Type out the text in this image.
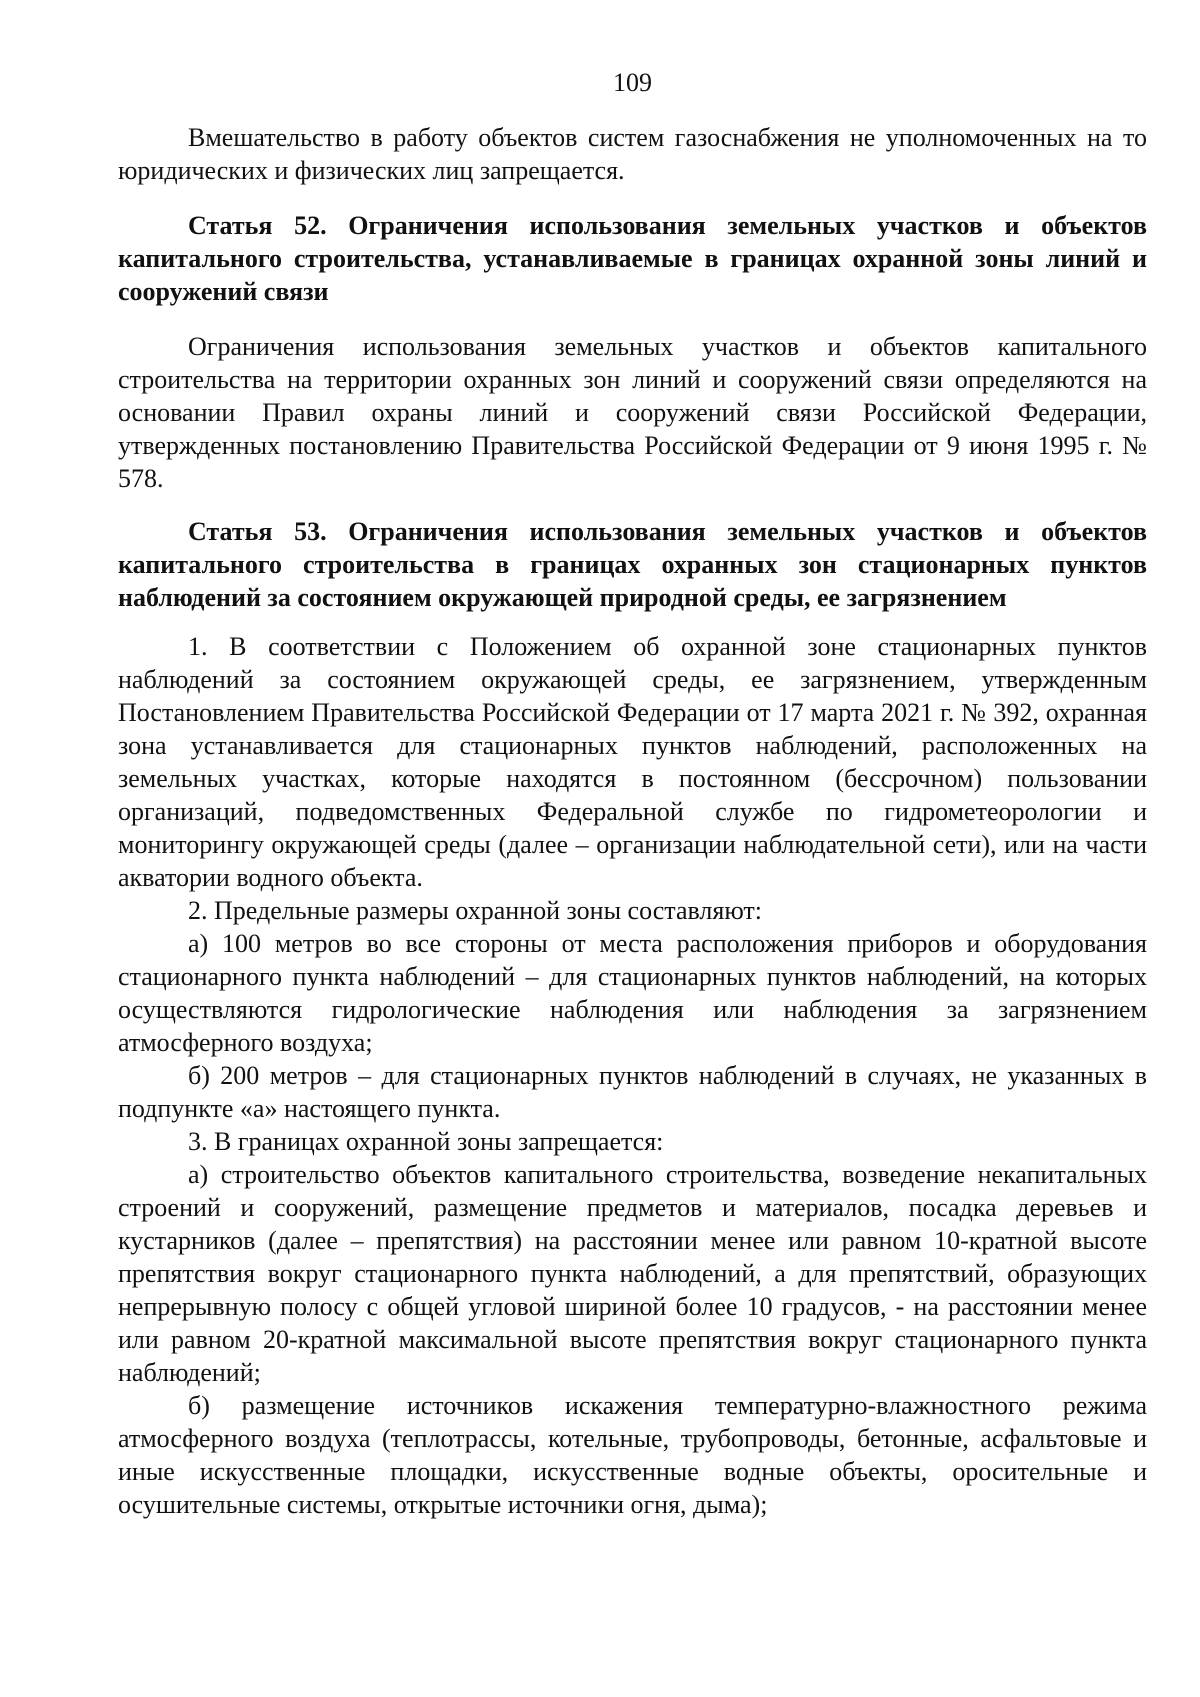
109

Вмешательство в работу объектов систем газоснабжения не уполномоченных на то юридических и физических лиц запрещается.

Статья 52. Ограничения использования земельных участков и объектов капитального строительства, устанавливаемые в границах охранной зоны линий и сооружений связи

Ограничения использования земельных участков и объектов капитального строительства на территории охранных зон линий и сооружений связи определяются на основании Правил охраны линий и сооружений связи Российской Федерации, утвержденных постановлению Правительства Российской Федерации от 9 июня 1995 г. № 578.

Статья 53. Ограничения использования земельных участков и объектов капитального строительства в границах охранных зон стационарных пунктов наблюдений за состоянием окружающей природной среды, ее загрязнением

1. В соответствии с Положением об охранной зоне стационарных пунктов наблюдений за состоянием окружающей среды, ее загрязнением, утвержденным Постановлением Правительства Российской Федерации от 17 марта 2021 г. № 392, охранная зона устанавливается для стационарных пунктов наблюдений, расположенных на земельных участках, которые находятся в постоянном (бессрочном) пользовании организаций, подведомственных Федеральной службе по гидрометеорологии и мониторингу окружающей среды (далее – организации наблюдательной сети), или на части акватории водного объекта.

2. Предельные размеры охранной зоны составляют:

а) 100 метров во все стороны от места расположения приборов и оборудования стационарного пункта наблюдений – для стационарных пунктов наблюдений, на которых осуществляются гидрологические наблюдения или наблюдения за загрязнением атмосферного воздуха;

б) 200 метров – для стационарных пунктов наблюдений в случаях, не указанных в подпункте «а» настоящего пункта.

3. В границах охранной зоны запрещается:

а) строительство объектов капитального строительства, возведение некапитальных строений и сооружений, размещение предметов и материалов, посадка деревьев и кустарников (далее – препятствия) на расстоянии менее или равном 10-кратной высоте препятствия вокруг стационарного пункта наблюдений, а для препятствий, образующих непрерывную полосу с общей угловой шириной более 10 градусов, - на расстоянии менее или равном 20-кратной максимальной высоте препятствия вокруг стационарного пункта наблюдений;

б) размещение источников искажения температурно-влажностного режима атмосферного воздуха (теплотрассы, котельные, трубопроводы, бетонные, асфальтовые и иные искусственные площадки, искусственные водные объекты, оросительные и осушительные системы, открытые источники огня, дыма);
